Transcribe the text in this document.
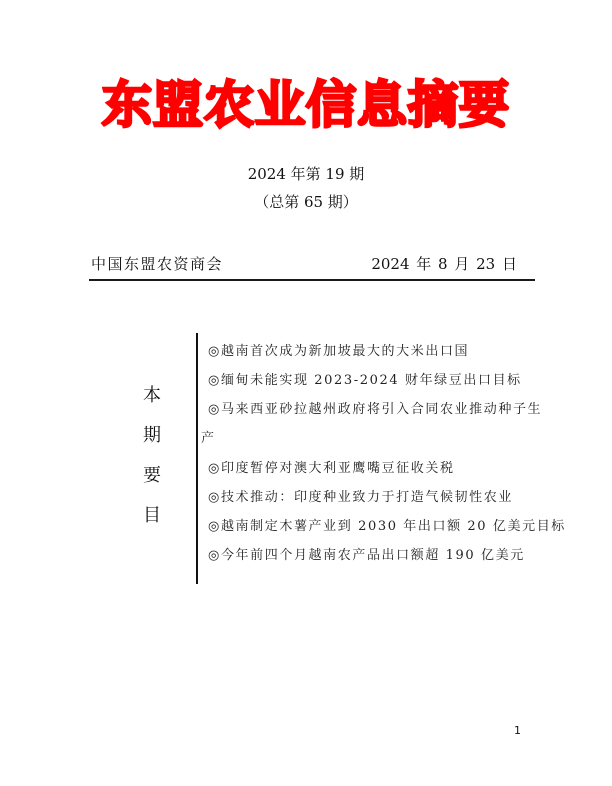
东盟农业信息摘要
2024 年第 19 期
（总第 65 期）
中国东盟农资商会	2024 年 8 月 23 日
本
期
要
目
◎越南首次成为新加坡最大的大米出口国
◎缅甸未能实现 2023-2024 财年绿豆出口目标
◎马来西亚砂拉越州政府将引入合同农业推动种子生
产
◎印度暂停对澳大利亚鹰嘴豆征收关税
◎技术推动：印度种业致力于打造气候韧性农业
◎越南制定木薯产业到 2030 年出口额 20 亿美元目标
◎今年前四个月越南农产品出口额超 190 亿美元
1
